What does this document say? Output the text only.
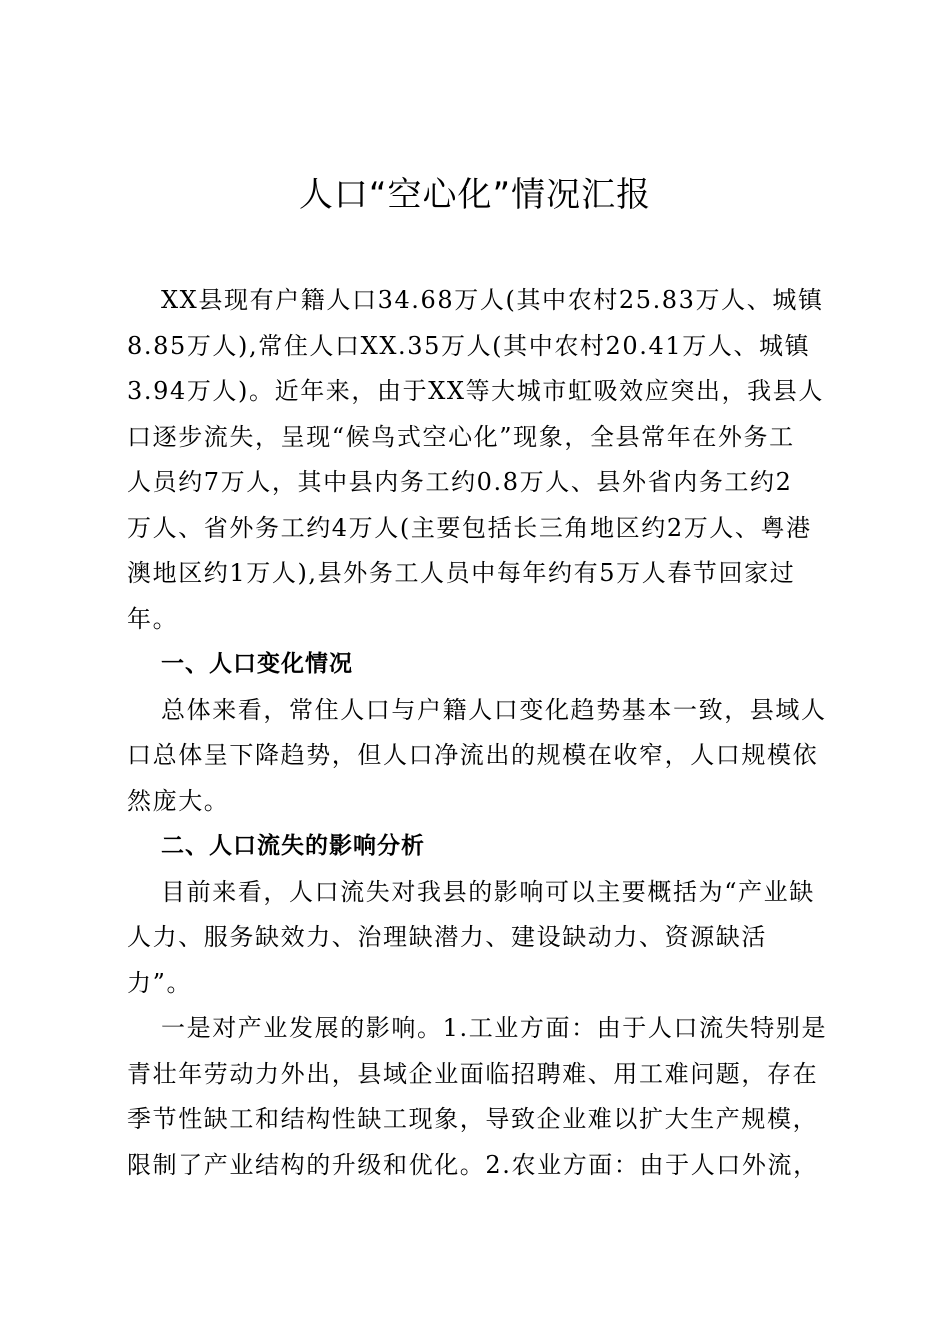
人口“空心化”情况汇报
XX县现有户籍人口34.68万人(其中农村25.83万人、城镇
8.85万人),常住人口XX.35万人(其中农村20.41万人、城镇
3.94万人)。近年来，由于XX等大城市虹吸效应突出，我县人
口逐步流失，呈现“候鸟式空心化”现象，全县常年在外务工
人员约7万人，其中县内务工约0.8万人、县外省内务工约2
万人、省外务工约4万人(主要包括长三角地区约2万人、粤港
澳地区约1万人),县外务工人员中每年约有5万人春节回家过
年。
一、人口变化情况
总体来看，常住人口与户籍人口变化趋势基本一致，县域人
口总体呈下降趋势，但人口净流出的规模在收窄，人口规模依
然庞大。
二、人口流失的影响分析
目前来看，人口流失对我县的影响可以主要概括为“产业缺
人力、服务缺效力、治理缺潜力、建设缺动力、资源缺活
力”。
一是对产业发展的影响。1.工业方面：由于人口流失特别是
青壮年劳动力外出，县域企业面临招聘难、用工难问题，存在
季节性缺工和结构性缺工现象，导致企业难以扩大生产规模，
限制了产业结构的升级和优化。2.农业方面：由于人口外流，
